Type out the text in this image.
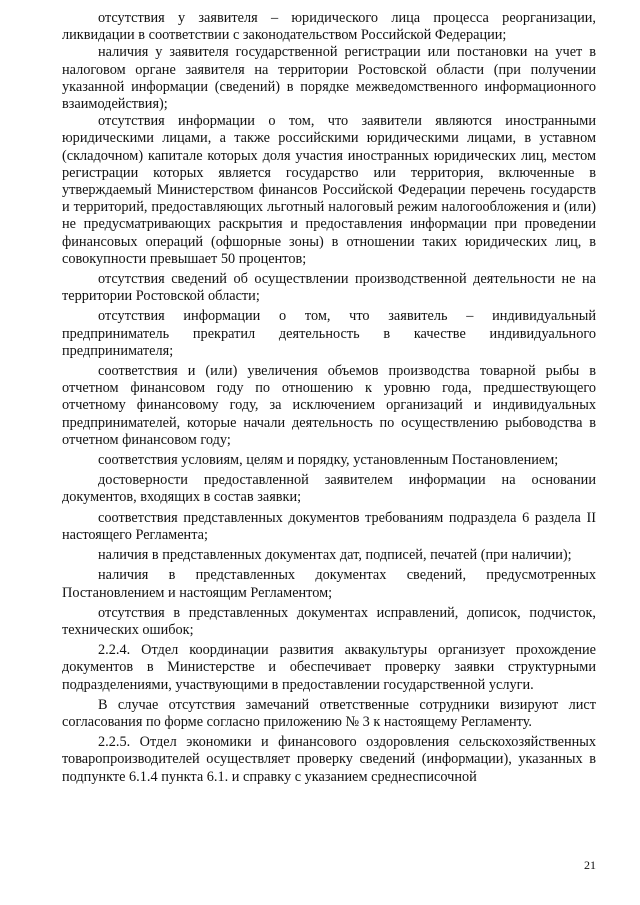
отсутствия у заявителя – юридического лица процесса реорганизации, ликвидации в соответствии с законодательством Российской Федерации;

наличия у заявителя государственной регистрации или постановки на учет в налоговом органе заявителя на территории Ростовской области (при получении указанной информации (сведений) в порядке межведомственного информационного взаимодействия);

отсутствия информации о том, что заявители являются иностранными юридическими лицами, а также российскими юридическими лицами, в уставном (складочном) капитале которых доля участия иностранных юридических лиц, местом регистрации которых является государство или территория, включенные в утверждаемый Министерством финансов Российской Федерации перечень государств и территорий, предоставляющих льготный налоговый режим налогообложения и (или) не предусматривающих раскрытия и предоставления информации при проведении финансовых операций (офшорные зоны) в отношении таких юридических лиц, в совокупности превышает 50 процентов;

отсутствия сведений об осуществлении производственной деятельности не на территории Ростовской области;

отсутствия информации о том, что заявитель – индивидуальный предприниматель прекратил деятельность в качестве индивидуального предпринимателя;

соответствия и (или) увеличения объемов производства товарной рыбы в отчетном финансовом году по отношению к уровню года, предшествующего отчетному финансовому году, за исключением организаций и индивидуальных предпринимателей, которые начали деятельность по осуществлению рыбоводства в отчетном финансовом году;

соответствия условиям, целям и порядку, установленным Постановлением;

достоверности предоставленной заявителем информации на основании документов, входящих в состав заявки;

соответствия представленных документов требованиям подраздела 6 раздела II настоящего Регламента;

наличия в представленных документах дат, подписей, печатей (при наличии);

наличия в представленных документах сведений, предусмотренных Постановлением и настоящим Регламентом;

отсутствия в представленных документах исправлений, дописок, подчисток, технических ошибок;

2.2.4. Отдел координации развития аквакультуры организует прохождение документов в Министерстве и обеспечивает проверку заявки структурными подразделениями, участвующими в предоставлении государственной услуги.

В случае отсутствия замечаний ответственные сотрудники визируют лист согласования по форме согласно приложению № 3 к настоящему Регламенту.

2.2.5. Отдел экономики и финансового оздоровления сельскохозяйственных товаропроизводителей осуществляет проверку сведений (информации), указанных в подпункте 6.1.4 пункта 6.1. и справку с указанием среднесписочной

21
